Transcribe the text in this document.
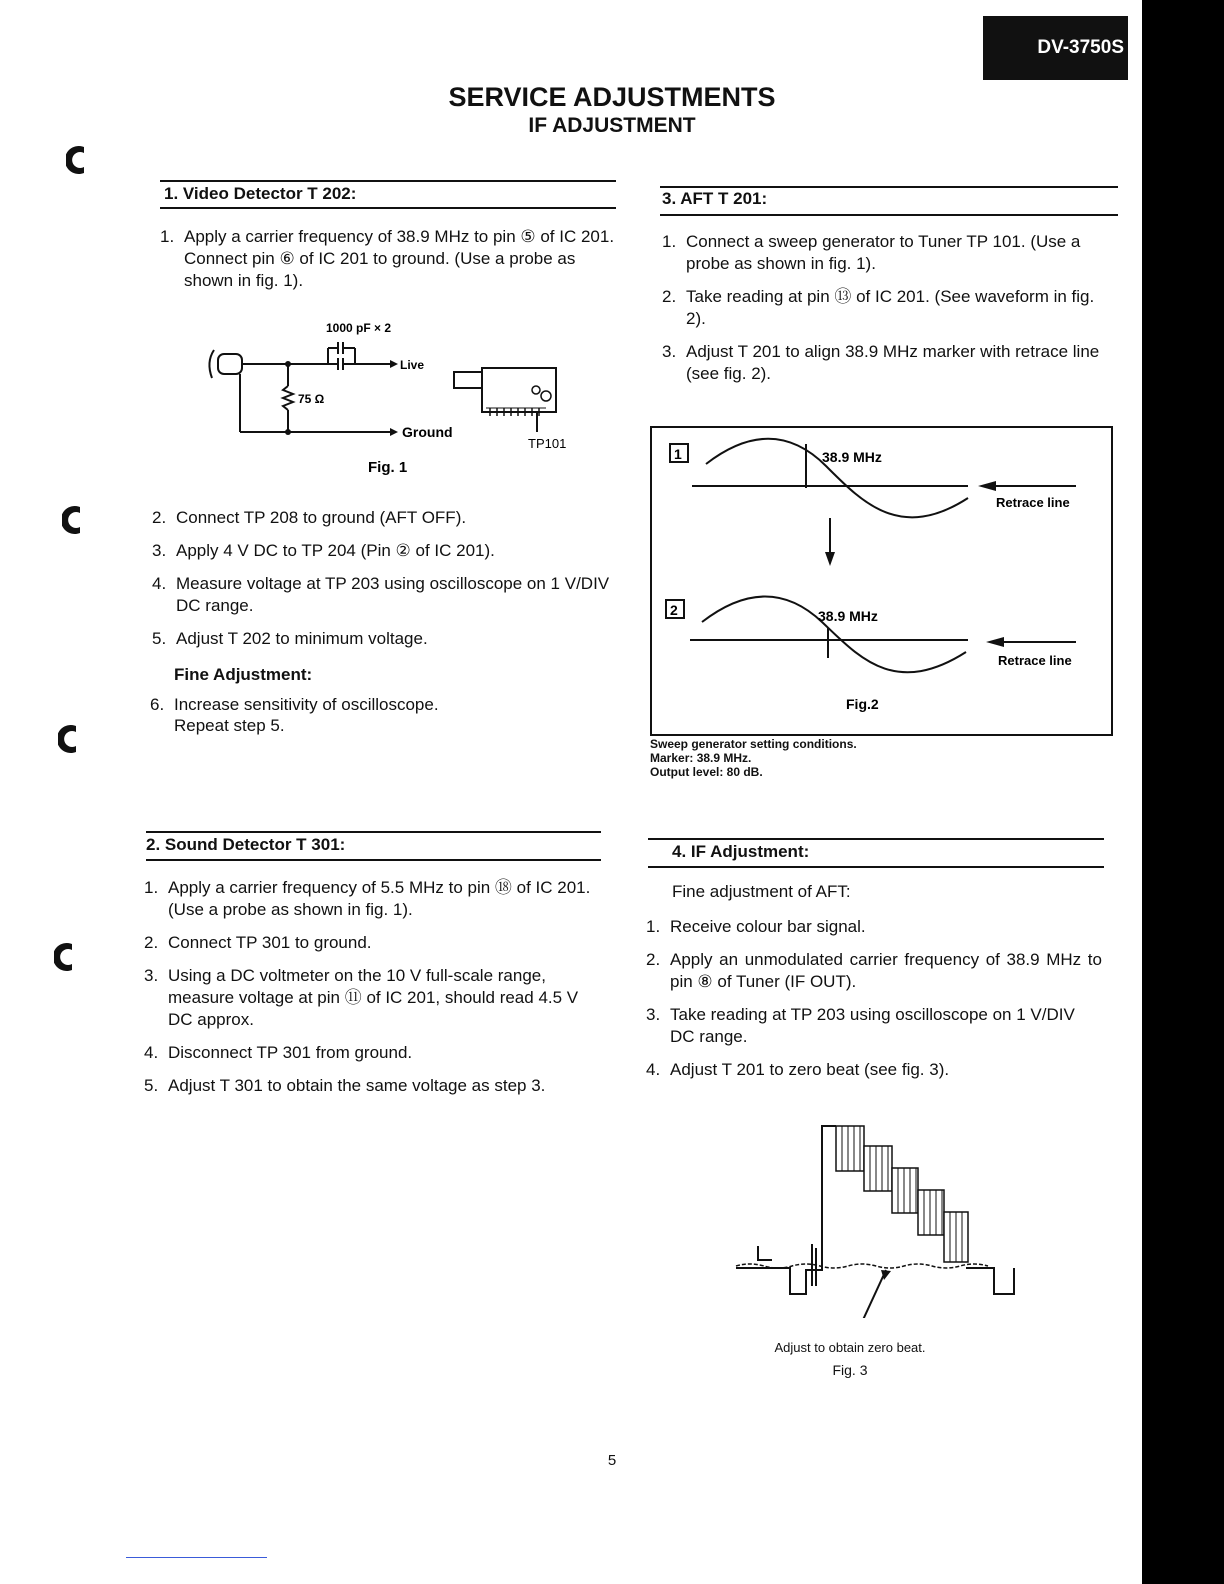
DV-3750S
SERVICE ADJUSTMENTS
IF ADJUSTMENT
1. Video Detector T 202:
1. Apply a carrier frequency of 38.9 MHz to pin ⑤ of IC 201. Connect pin ⑥ of IC 201 to ground. (Use a probe as shown in fig. 1).
1000 pF × 2
Live
75 Ω
Ground
TP101
Fig. 1
2. Connect TP 208 to ground (AFT OFF).
3. Apply 4 V DC to TP 204 (Pin ② of IC 201).
4. Measure voltage at TP 203 using oscilloscope on 1 V/DIV DC range.
5. Adjust T 202 to minimum voltage.
Fine Adjustment:
6. Increase sensitivity of oscilloscope.
Repeat step 5.
2. Sound Detector T 301:
1. Apply a carrier frequency of 5.5 MHz to pin ⑱ of IC 201. (Use a probe as shown in fig. 1).
2. Connect TP 301 to ground.
3. Using a DC voltmeter on the 10 V full-scale range, measure voltage at pin ⑪ of IC 201, should read 4.5 V DC approx.
4. Disconnect TP 301 from ground.
5. Adjust T 301 to obtain the same voltage as step 3.
3. AFT T 201:
1. Connect a sweep generator to Tuner TP 101. (Use a probe as shown in fig. 1).
2. Take reading at pin ⑬ of IC 201. (See waveform in fig. 2).
3. Adjust T 201 to align 38.9 MHz marker with retrace line (see fig. 2).
1	38.9 MHz
Retrace line
2	38.9 MHz
Retrace line
Fig.2
Sweep generator setting conditions.
Marker: 38.9 MHz.
Output level: 80 dB.
4. IF Adjustment:
Fine adjustment of AFT:
1. Receive colour bar signal.
2. Apply an unmodulated carrier frequency of 38.9 MHz to pin ⑧ of Tuner (IF OUT).
3. Take reading at TP 203 using oscilloscope on 1 V/DIV DC range.
4. Adjust T 201 to zero beat (see fig. 3).
Adjust to obtain zero beat.
Fig. 3
5
